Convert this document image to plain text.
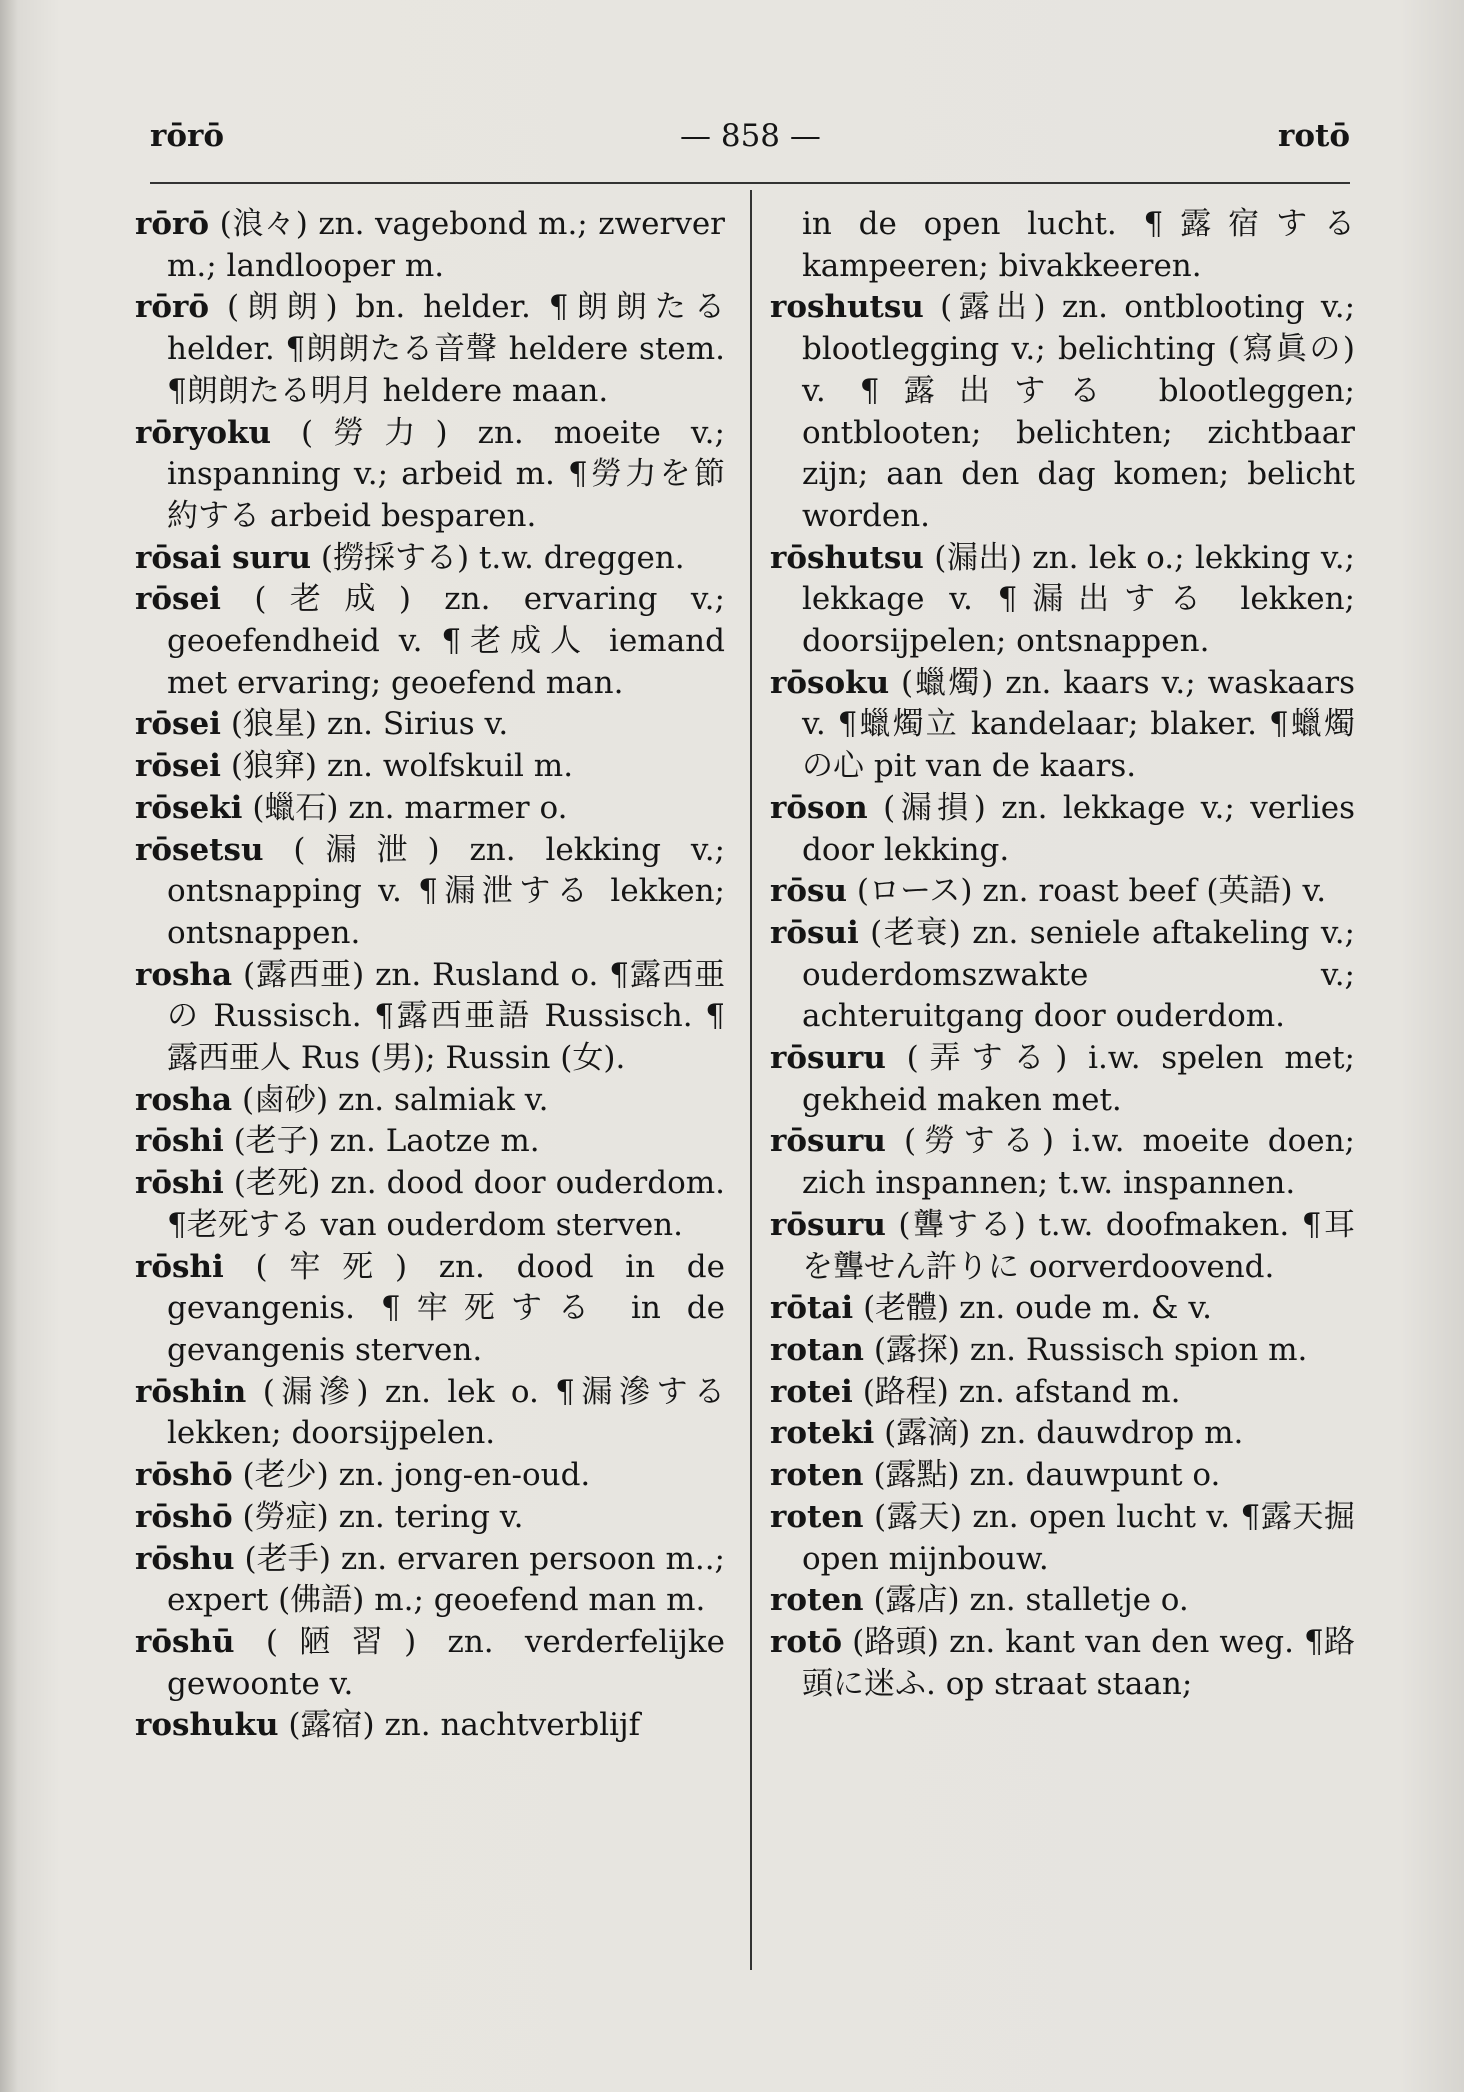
rōrō	— 858 —	rotō

rōrō (浪々) zn. vagebond m.; zwerver m.; landlooper m.

rōrō (朗朗) bn. helder. ¶朗朗たる helder. ¶朗朗たる音聲 heldere stem. ¶朗朗たる明月 heldere maan.

rōryoku (勞力) zn. moeite v.; inspanning v.; arbeid m. ¶勞力を節約する arbeid besparen.

rōsai suru (撈採する) t.w. dreggen.

rōsei (老成) zn. ervaring v.; geoefendheid v. ¶老成人 iemand met ervaring; geoefend man.

rōsei (狼星) zn. Sirius v.

rōsei (狼穽) zn. wolfskuil m.

rōseki (蠟石) zn. marmer o.

rōsetsu (漏泄) zn. lekking v.; ontsnapping v. ¶漏泄する lekken; ontsnappen.

rosha (露西亜) zn. Rusland o. ¶露西亜の Russisch. ¶露西亜語 Russisch. ¶露西亜人 Rus (男); Russin (女).

rosha (鹵砂) zn. salmiak v.

rōshi (老子) zn. Laotze m.

rōshi (老死) zn. dood door ouderdom. ¶老死する van ouderdom sterven.

rōshi (牢死) zn. dood in de gevangenis. ¶牢死する in de gevangenis sterven.

rōshin (漏滲) zn. lek o. ¶漏滲する lekken; doorsijpelen.

rōshō (老少) zn. jong-en-oud.

rōshō (勞症) zn. tering v.

rōshu (老手) zn. ervaren persoon m..; expert (佛語) m.; geoefend man m.

rōshū (陋習) zn. verderfelijke gewoonte v.

roshuku (露宿) zn. nachtverblijf

in de open lucht. ¶露宿する kampeeren; bivakkeeren.

roshutsu (露出) zn. ontblooting v.; blootlegging v.; belichting (寫眞の) v. ¶露出する blootleggen; ontblooten; belichten; zichtbaar zijn; aan den dag komen; belicht worden.

rōshutsu (漏出) zn. lek o.; lekking v.; lekkage v. ¶漏出する lekken; doorsijpelen; ontsnappen.

rōsoku (蠟燭) zn. kaars v.; waskaars v. ¶蠟燭立 kandelaar; blaker. ¶蠟燭の心 pit van de kaars.

rōson (漏損) zn. lekkage v.; verlies door lekking.

rōsu (ロース) zn. roast beef (英語) v.

rōsui (老衰) zn. seniele aftakeling v.; ouderdomszwakte v.; achteruitgang door ouderdom.

rōsuru (弄する) i.w. spelen met; gekheid maken met.

rōsuru (勞する) i.w. moeite doen; zich inspannen; t.w. inspannen.

rōsuru (聾する) t.w. doofmaken. ¶耳を聾せん許りに oorverdoovend.

rōtai (老體) zn. oude m. & v.

rotan (露探) zn. Russisch spion m.

rotei (路程) zn. afstand m.

roteki (露滴) zn. dauwdrop m.

roten (露點) zn. dauwpunt o.

roten (露天) zn. open lucht v. ¶露天掘 open mijnbouw.

roten (露店) zn. stalletje o.

rotō (路頭) zn. kant van den weg. ¶路頭に迷ふ. op straat staan;
